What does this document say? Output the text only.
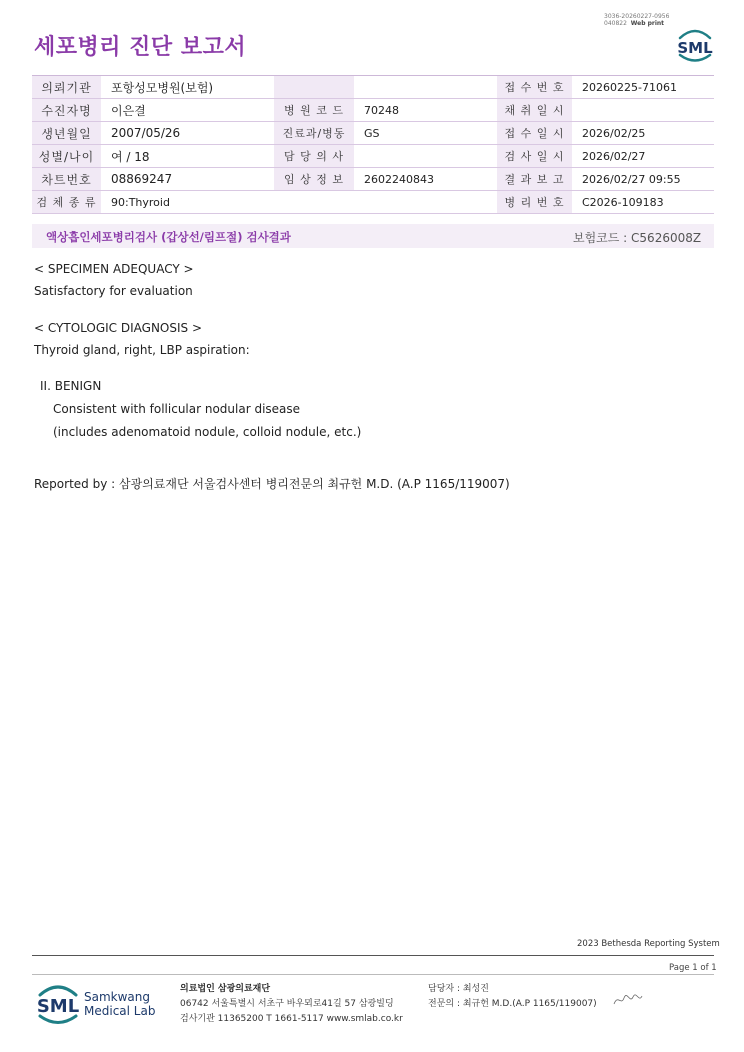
세포병리 진단 보고서
3036-20260227-0956
040822 Web print
SML
의뢰기관	포항성모병원(보험)			접 수 번 호	20260225-71061
수진자명	이은결	병 원 코 드	70248	채 취 일 시	
생년월일	2007/05/26	진료과/병동	GS	접 수 일 시	2026/02/25
성별/나이	여 / 18	담 당 의 사		검 사 일 시	2026/02/27
차트번호	08869247	임 상 정 보	2602240843	결 과 보 고	2026/02/27 09:55
검 체 종 류	90:Thyroid			병 리 번 호	C2026-109183
액상흡인세포병리검사 (갑상선/림프절) 검사결과	보험코드 : C5626008Z
< SPECIMEN ADEQUACY >
Satisfactory for evaluation
< CYTOLOGIC DIAGNOSIS >
Thyroid gland, right, LBP aspiration:
II. BENIGN
Consistent with follicular nodular disease
(includes adenomatoid nodule, colloid nodule, etc.)
Reported by : 삼광의료재단 서울검사센터 병리전문의 최규헌 M.D. (A.P 1165/119007)
2023 Bethesda Reporting System
Page 1 of 1
SML Samkwang
Medical Lab
의료법인 삼광의료재단
06742 서울특별시 서초구 바우뫼로41길 57 삼광빌딩
검사기관 11365200 T 1661-5117 www.smlab.co.kr
담당자 : 최성진
전문의 : 최규헌 M.D.(A.P 1165/119007)
